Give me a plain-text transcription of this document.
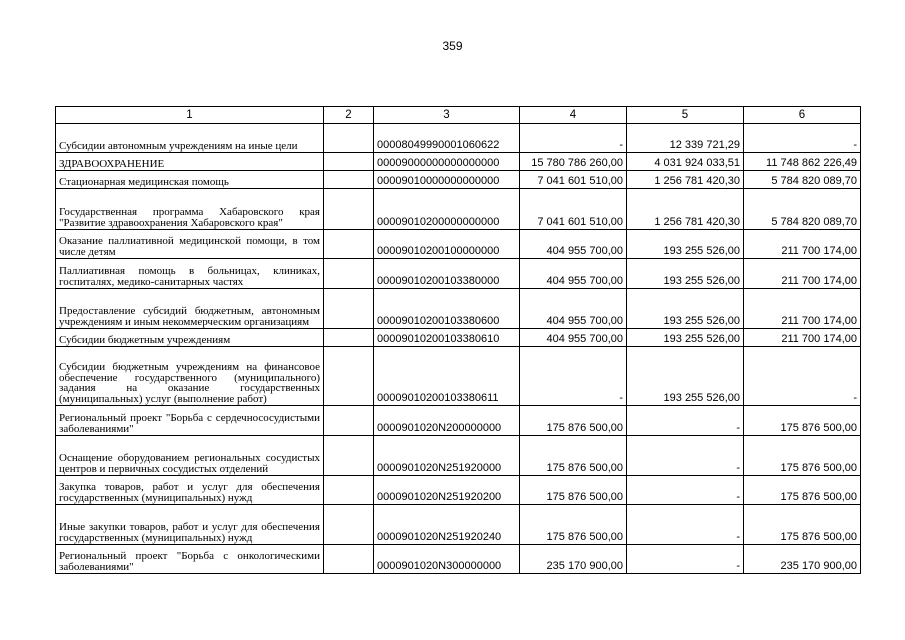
359
1	2	3	4	5	6
Субсидии автономным учреждениям на иные цели		00008049990001060622	-	12 339 721,29	-
ЗДРАВООХРАНЕНИЕ		00009000000000000000	15 780 786 260,00	4 031 924 033,51	11 748 862 226,49
Стационарная медицинская помощь		00009010000000000000	7 041 601 510,00	1 256 781 420,30	5 784 820 089,70
Государственная программа Хабаровского края "Развитие здравоохранения Хабаровского края"		00009010200000000000	7 041 601 510,00	1 256 781 420,30	5 784 820 089,70
Оказание паллиативной медицинской помощи, в том числе детям		00009010200100000000	404 955 700,00	193 255 526,00	211 700 174,00
Паллиативная помощь в больницах, клиниках, госпиталях, медико-санитарных частях		00009010200103380000	404 955 700,00	193 255 526,00	211 700 174,00
Предоставление субсидий бюджетным, автономным учреждениям и иным некоммерческим организациям		00009010200103380600	404 955 700,00	193 255 526,00	211 700 174,00
Субсидии бюджетным учреждениям		00009010200103380610	404 955 700,00	193 255 526,00	211 700 174,00
Субсидии бюджетным учреждениям на финансовое обеспечение государственного (муниципального) задания на оказание государственных (муниципальных) услуг (выполнение работ)		00009010200103380611	-	193 255 526,00	-
Региональный проект "Борьба с сердечнососудистыми заболеваниями"		0000901020N200000000	175 876 500,00	-	175 876 500,00
Оснащение оборудованием региональных сосудистых центров и первичных сосудистых отделений		0000901020N251920000	175 876 500,00	-	175 876 500,00
Закупка товаров, работ и услуг для обеспечения государственных (муниципальных) нужд		0000901020N251920200	175 876 500,00	-	175 876 500,00
Иные закупки товаров, работ и услуг для обеспечения государственных (муниципальных) нужд		0000901020N251920240	175 876 500,00	-	175 876 500,00
Региональный проект "Борьба с онкологическими заболеваниями"		0000901020N300000000	235 170 900,00	-	235 170 900,00
